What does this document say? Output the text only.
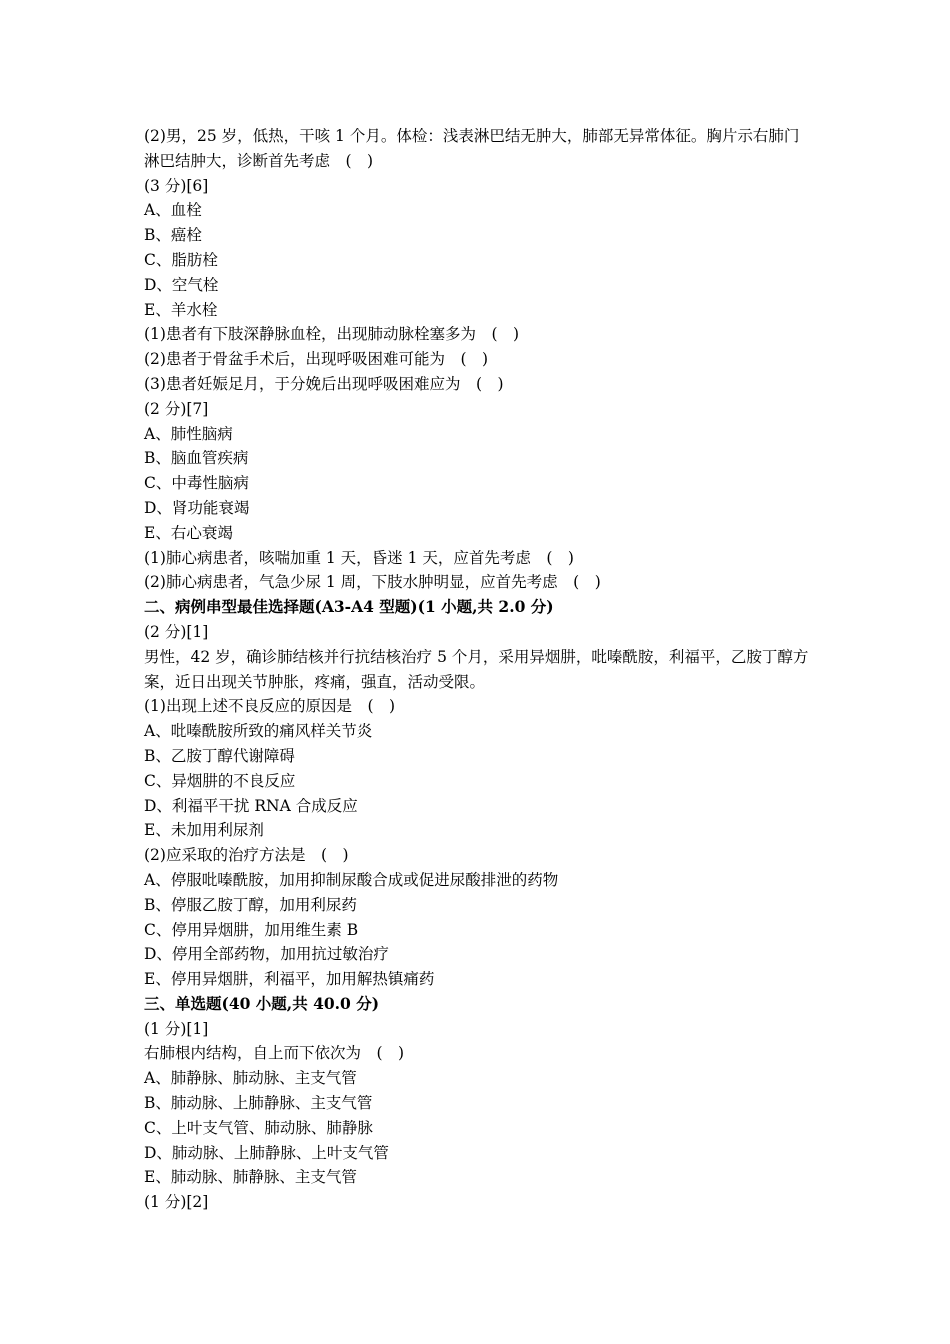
(2)男，25 岁，低热，干咳 1 个月。体检：浅表淋巴结无肿大，肺部无异常体征。胸片示右肺门淋巴结肿大，诊断首先考虑　(　)

(3 分)[6]

A、血栓

B、癌栓

C、脂肪栓

D、空气栓

E、羊水栓

(1)患者有下肢深静脉血栓，出现肺动脉栓塞多为　(　)

(2)患者于骨盆手术后，出现呼吸困难可能为　(　)

(3)患者妊娠足月，于分娩后出现呼吸困难应为　(　)

(2 分)[7]

A、肺性脑病

B、脑血管疾病

C、中毒性脑病

D、肾功能衰竭

E、右心衰竭

(1)肺心病患者，咳喘加重 1 天，昏迷 1 天，应首先考虑　(　)

(2)肺心病患者，气急少尿 1 周，下肢水肿明显，应首先考虑　(　)

二、病例串型最佳选择题(A3-A4 型题)(1 小题,共 2.0 分)

(2 分)[1]

男性，42 岁，确诊肺结核并行抗结核治疗 5 个月，采用异烟肼，吡嗪酰胺，利福平，乙胺丁醇方案，近日出现关节肿胀，疼痛，强直，活动受限。

(1)出现上述不良反应的原因是　(　)

A、吡嗪酰胺所致的痛风样关节炎

B、乙胺丁醇代谢障碍

C、异烟肼的不良反应

D、利福平干扰 RNA 合成反应

E、未加用利尿剂

(2)应采取的治疗方法是　(　)

A、停服吡嗪酰胺，加用抑制尿酸合成或促进尿酸排泄的药物

B、停服乙胺丁醇，加用利尿药

C、停用异烟肼，加用维生素 B

D、停用全部药物，加用抗过敏治疗

E、停用异烟肼，利福平，加用解热镇痛药

三、单选题(40 小题,共 40.0 分)

(1 分)[1]

右肺根内结构，自上而下依次为　(　)

A、肺静脉、肺动脉、主支气管

B、肺动脉、上肺静脉、主支气管

C、上叶支气管、肺动脉、肺静脉

D、肺动脉、上肺静脉、上叶支气管

E、肺动脉、肺静脉、主支气管

(1 分)[2]
